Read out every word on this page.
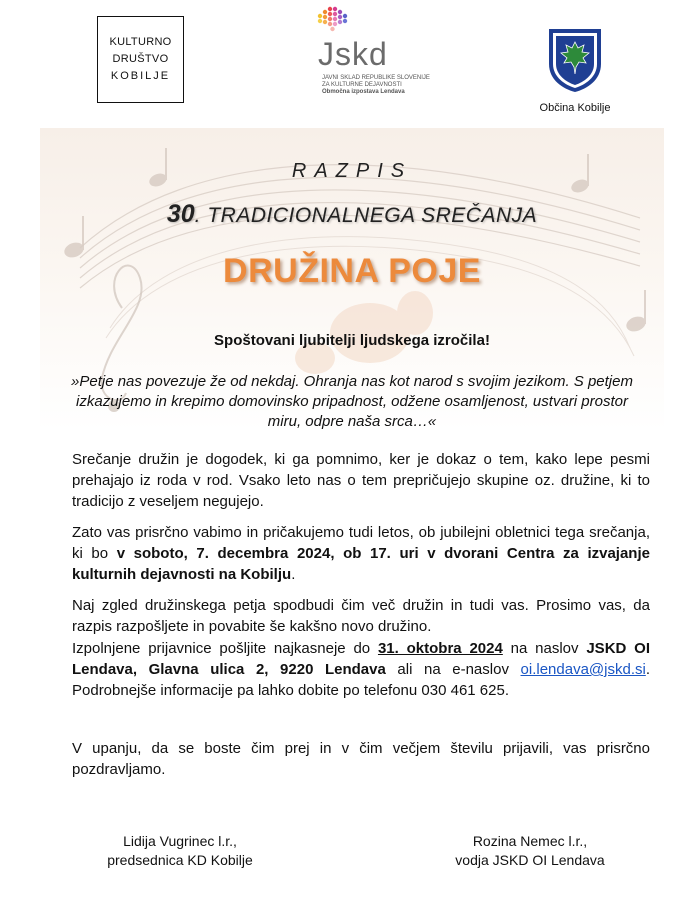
KULTURNO
DRUŠTVO
KOBILJE
Jskd
JAVNI SKLAD REPUBLIKE SLOVENIJE
ZA KULTURNE DEJAVNOSTI
Območna izpostava Lendava
Občina Kobilje
RAZPIS
30. TRADICIONALNEGA SREČANJA
DRUŽINA POJE
Spoštovani ljubitelji ljudskega izročila!
»Petje nas povezuje že od nekdaj. Ohranja nas kot narod s svojim jezikom. S petjem izkazujemo in krepimo domovinsko pripadnost, odžene osamljenost, ustvari prostor miru, odpre naša srca…«
Srečanje družin je dogodek, ki ga pomnimo, ker je dokaz o tem, kako lepe pesmi prehajajo iz roda v rod. Vsako leto nas o tem prepričujejo skupine oz. družine, ki to tradicijo z veseljem negujejo.
Zato vas prisrčno vabimo in pričakujemo tudi letos, ob jubilejni obletnici tega srečanja, ki bo v soboto, 7. decembra 2024, ob 17. uri v dvorani Centra za izvajanje kulturnih dejavnosti na Kobilju.
Naj zgled družinskega petja spodbudi čim več družin in tudi vas. Prosimo vas, da razpis razpošljete in povabite še kakšno novo družino.
Izpolnjene prijavnice pošljite najkasneje do 31. oktobra 2024 na naslov JSKD OI Lendava, Glavna ulica 2, 9220 Lendava ali na e-naslov oi.lendava@jskd.si. Podrobnejše informacije pa lahko dobite po telefonu 030 461 625.
V upanju, da se boste čim prej in v čim večjem številu prijavili, vas prisrčno pozdravljamo.
Lidija Vugrinec l.r.,
predsednica KD Kobilje
Rozina Nemec l.r.,
vodja JSKD OI Lendava
